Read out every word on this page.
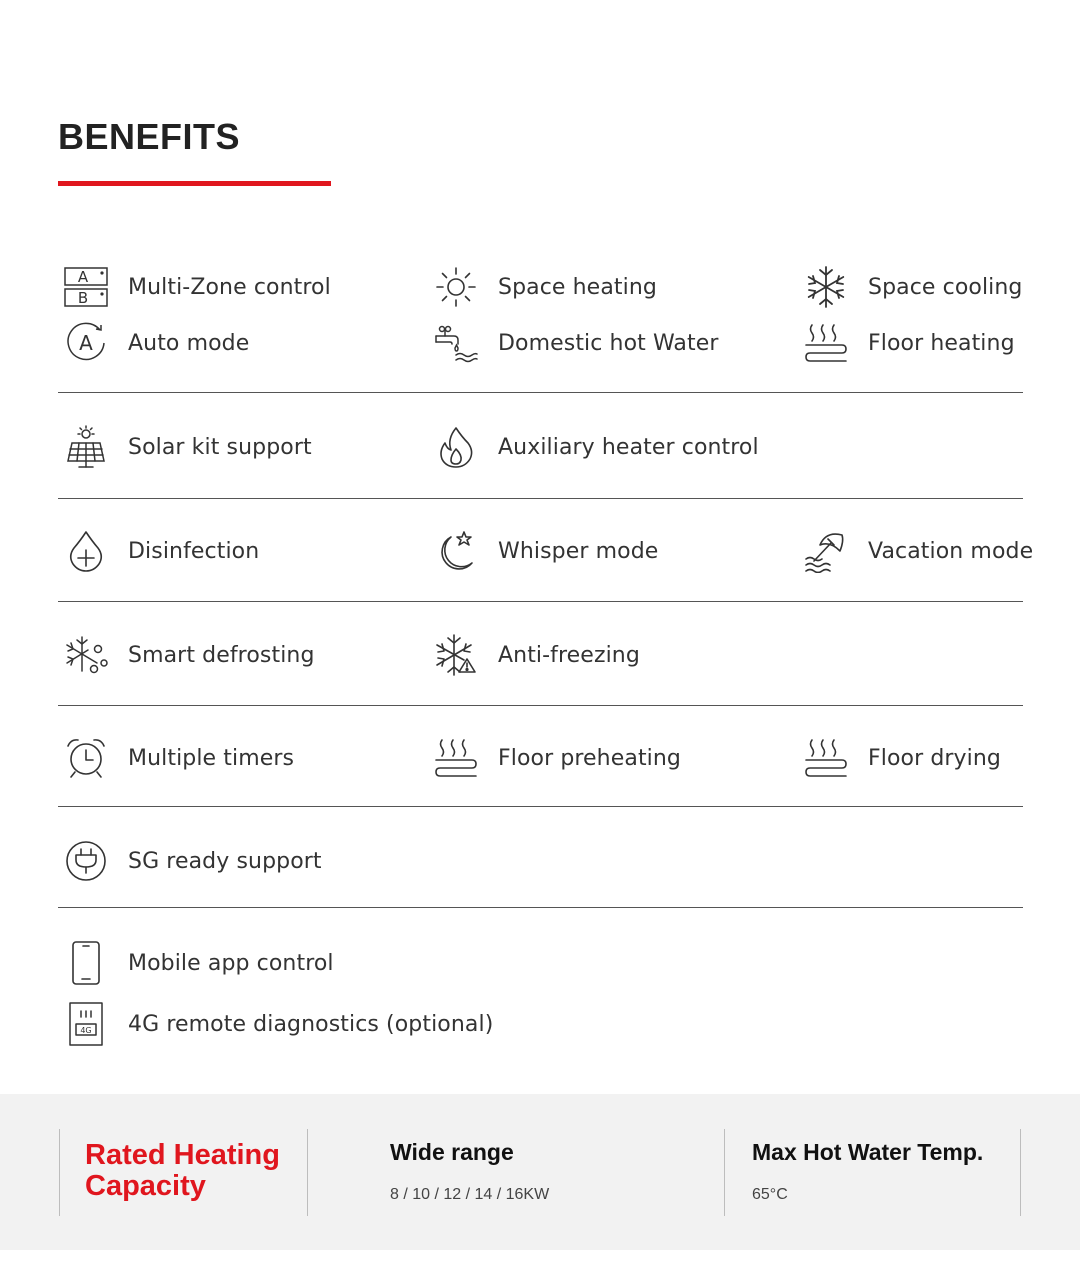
BENEFITS
A
B Multi-Zone control	Space heating	Space cooling
A Auto mode	Domestic hot Water	Floor heating
Solar kit support	Auxiliary heater control
Disinfection	Whisper mode	Vacation mode
Smart defrosting	Anti-freezing
Multiple timers	Floor preheating	Floor drying
SG ready support
Mobile app control
4G 4G remote diagnostics (optional)
Rated Heating Capacity
Wide range
8 / 10 / 12 / 14 / 16KW
Max Hot Water Temp.
65°C
